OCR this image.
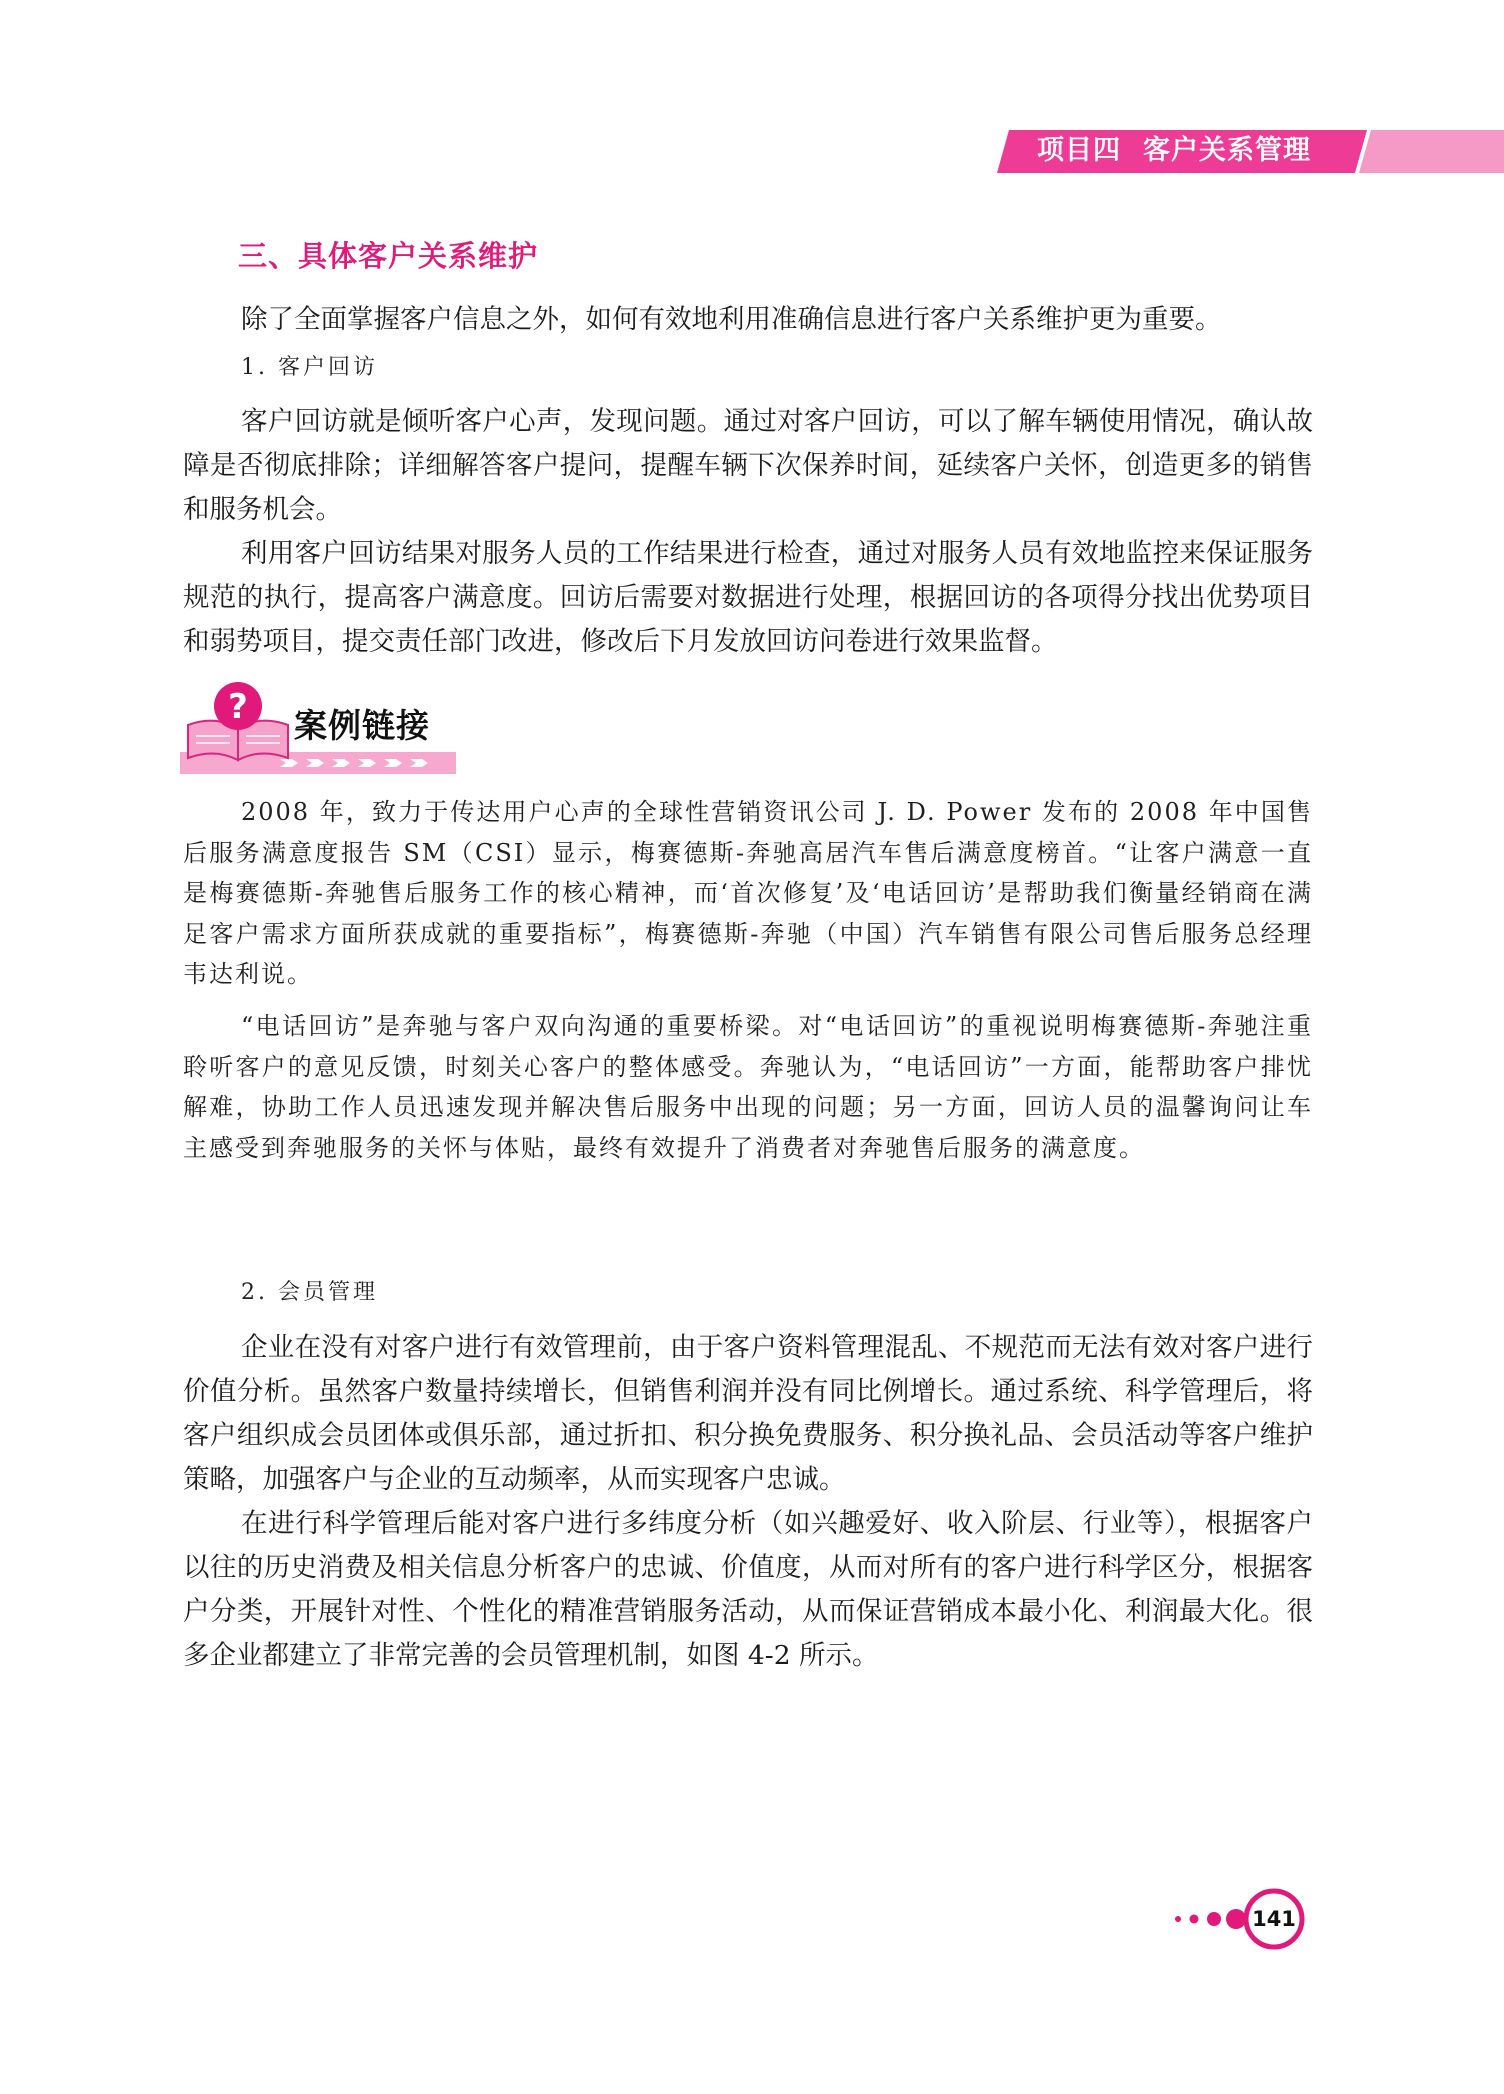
项目四 客户关系管理
三、具体客户关系维护

除了全面掌握客户信息之外，如何有效地利用准确信息进行客户关系维护更为重要。

1. 客户回访

客户回访就是倾听客户心声，发现问题。通过对客户回访，可以了解车辆使用情况，确认故障是否彻底排除；详细解答客户提问，提醒车辆下次保养时间，延续客户关怀，创造更多的销售和服务机会。

利用客户回访结果对服务人员的工作结果进行检查，通过对服务人员有效地监控来保证服务规范的执行，提高客户满意度。回访后需要对数据进行处理，根据回访的各项得分找出优势项目和弱势项目，提交责任部门改进，修改后下月发放回访问卷进行效果监督。

? 案例链接

2008 年，致力于传达用户心声的全球性营销资讯公司 J. D. Power 发布的 2008 年中国售后服务满意度报告 SM（CSI）显示，梅赛德斯-奔驰高居汽车售后满意度榜首。“让客户满意一直是梅赛德斯-奔驰售后服务工作的核心精神，而‘首次修复’及‘电话回访’是帮助我们衡量经销商在满足客户需求方面所获成就的重要指标”，梅赛德斯-奔驰（中国）汽车销售有限公司售后服务总经理韦达利说。

“电话回访”是奔驰与客户双向沟通的重要桥梁。对“电话回访”的重视说明梅赛德斯-奔驰注重聆听客户的意见反馈，时刻关心客户的整体感受。奔驰认为，“电话回访”一方面，能帮助客户排忧解难，协助工作人员迅速发现并解决售后服务中出现的问题；另一方面，回访人员的温馨询问让车主感受到奔驰服务的关怀与体贴，最终有效提升了消费者对奔驰售后服务的满意度。

2. 会员管理

企业在没有对客户进行有效管理前，由于客户资料管理混乱、不规范而无法有效对客户进行价值分析。虽然客户数量持续增长，但销售利润并没有同比例增长。通过系统、科学管理后，将客户组织成会员团体或俱乐部，通过折扣、积分换免费服务、积分换礼品、会员活动等客户维护策略，加强客户与企业的互动频率，从而实现客户忠诚。

在进行科学管理后能对客户进行多纬度分析（如兴趣爱好、收入阶层、行业等），根据客户以往的历史消费及相关信息分析客户的忠诚、价值度，从而对所有的客户进行科学区分，根据客户分类，开展针对性、个性化的精准营销服务活动，从而保证营销成本最小化、利润最大化。很多企业都建立了非常完善的会员管理机制，如图 4-2 所示。

141
